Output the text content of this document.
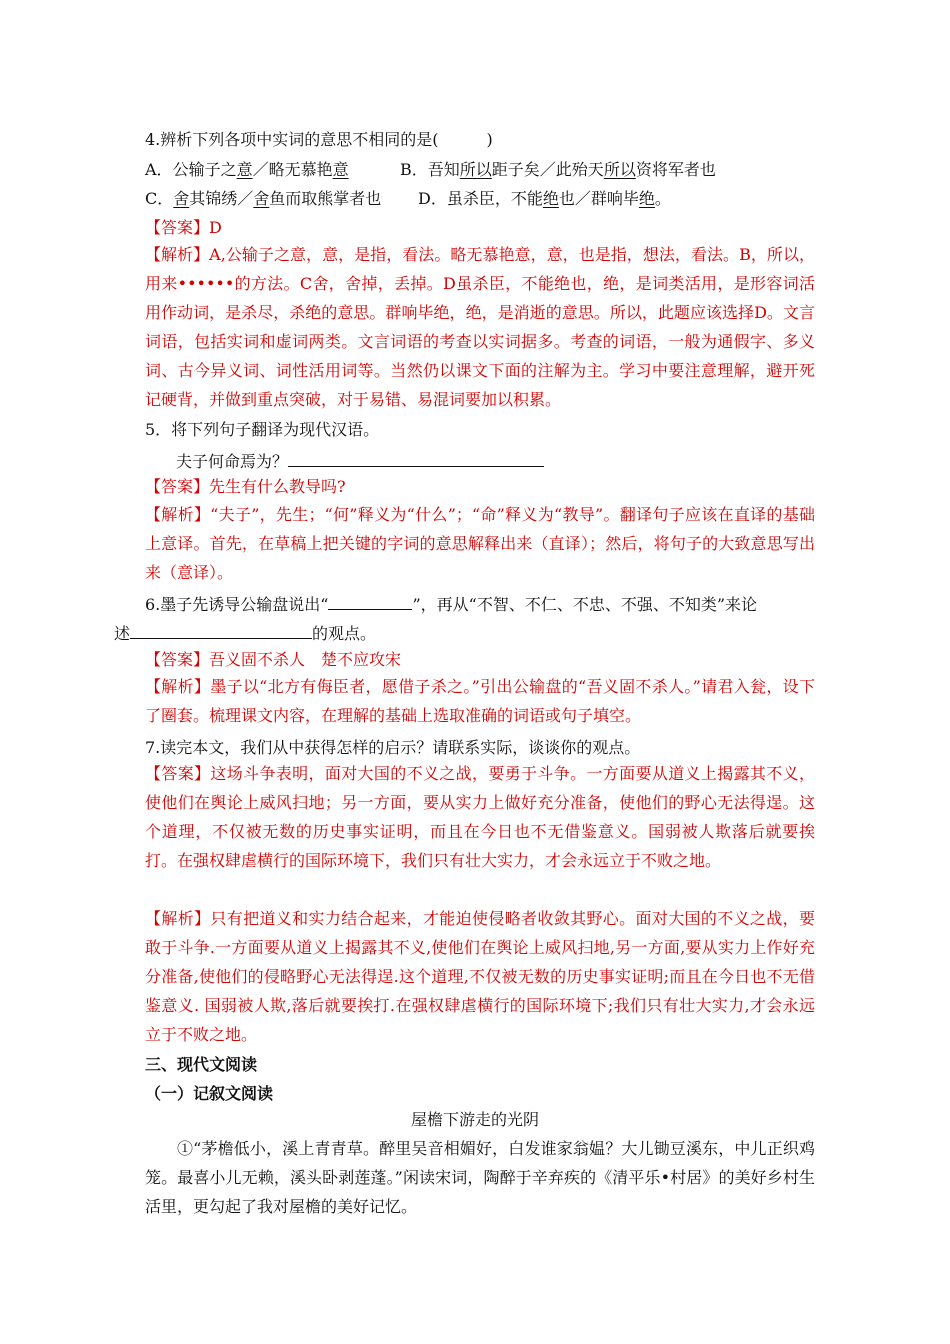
4.辨析下列各项中实词的意思不相同的是(　　　)
A．公输子之意／略无慕艳意	B．吾知所以距子矣／此殆天所以资将军者也
C．舍其锦绣／舍鱼而取熊掌者也 D．虽杀臣，不能绝也／群响毕绝。
【答案】D
【解析】A,公输子之意，意，是指，看法。略无慕艳意，意，也是指，想法，看法。B，所以，用来••••••的方法。C舍，舍掉，丢掉。D虽杀臣，不能绝也，绝，是词类活用，是形容词活用作动词，是杀尽，杀绝的意思。群响毕绝，绝，是消逝的意思。所以，此题应该选择D。文言词语，包括实词和虚词两类。文言词语的考查以实词据多。考查的词语，一般为通假字、多义词、古今异义词、词性活用词等。当然仍以课文下面的注解为主。学习中要注意理解，避开死记硬背，并做到重点突破，对于易错、易混词要加以积累。
5．将下列句子翻译为现代汉语。
夫子何命焉为？
【答案】先生有什么教导吗?
【解析】“夫子”，先生；“何”释义为“什么”；“命”释义为“教导”。翻译句子应该在直译的基础上意译。首先，在草稿上把关键的字词的意思解释出来（直译）；然后，将句子的大致意思写出来（意译）。
6.墨子先诱导公输盘说出“	”，再从“不智、不仁、不忠、不强、不知类”来论
述	的观点。
【答案】吾义固不杀人　楚不应攻宋
【解析】墨子以“北方有侮臣者，愿借子杀之。”引出公输盘的“吾义固不杀人。”请君入瓮，设下了圈套。梳理课文内容，在理解的基础上选取准确的词语或句子填空。
7.读完本文，我们从中获得怎样的启示？请联系实际，谈谈你的观点。
【答案】这场斗争表明，面对大国的不义之战，要勇于斗争。一方面要从道义上揭露其不义，使他们在舆论上威风扫地；另一方面，要从实力上做好充分准备，使他们的野心无法得逞。这个道理，不仅被无数的历史事实证明，而且在今日也不无借鉴意义。国弱被人欺落后就要挨打。在强权肆虐横行的国际环境下，我们只有壮大实力，才会永远立于不败之地。
【解析】只有把道义和实力结合起来，才能迫使侵略者收敛其野心。面对大国的不义之战，要敢于斗争.一方面要从道义上揭露其不义,使他们在舆论上威风扫地,另一方面,要从实力上作好充分准备,使他们的侵略野心无法得逞.这个道理,不仅被无数的历史事实证明;而且在今日也不无借鉴意义. 国弱被人欺,落后就要挨打.在强权肆虐横行的国际环境下;我们只有壮大实力,才会永远立于不败之地。
三、现代文阅读
（一）记叙文阅读
屋檐下游走的光阴
①“茅檐低小，溪上青青草。醉里吴音相媚好，白发谁家翁媪？大儿锄豆溪东，中儿正织鸡笼。最喜小儿无赖，溪头卧剥莲蓬。”闲读宋词，陶醉于辛弃疾的《清平乐•村居》的美好乡村生活里，更勾起了我对屋檐的美好记忆。
